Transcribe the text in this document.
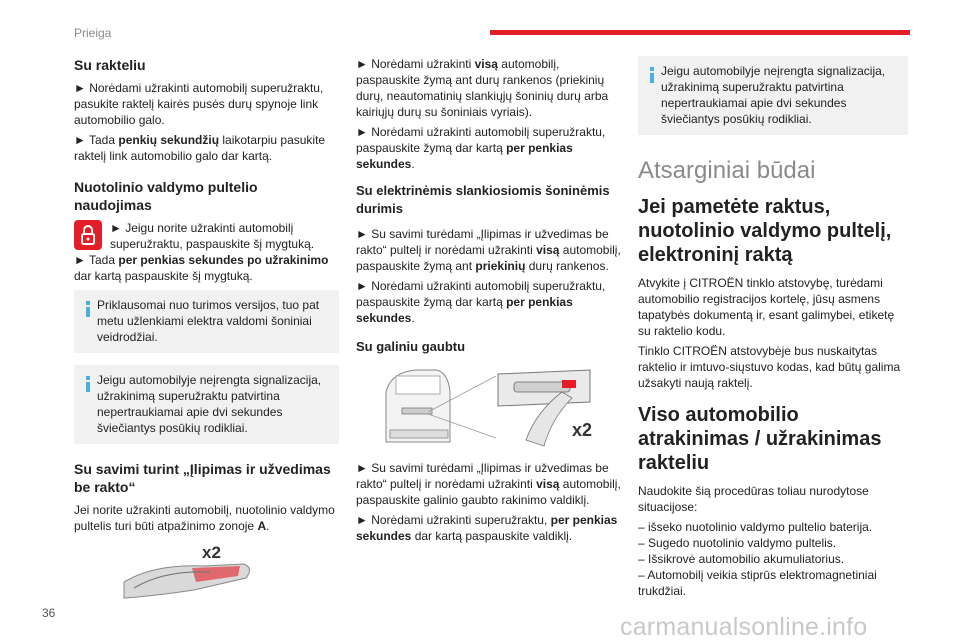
Prieiga
Su rakteliu

► Norėdami užrakinti automobilį superužraktu, pasukite raktelį kairės pusės durų spynoje link automobilio galo.

► Tada penkių sekundžių laikotarpiu pasukite raktelį link automobilio galo dar kartą.

Nuotolinio valdymo pultelio naudojimas
► Jeigu norite užrakinti automobilį superužraktu, paspauskite šį mygtuką.

► Tada per penkias sekundes po užrakinimo dar kartą paspauskite šį mygtuką.

Priklausomai nuo turimos versijos, tuo pat metu užlenkiami elektra valdomi šoniniai veidrodžiai.
Jeigu automobilyje neįrengta signalizacija, užrakinimą superužraktu patvirtina nepertraukiamai apie dvi sekundes šviečiantys posūkių rodikliai.
Su savimi turint „Įlipimas ir užvedimas be rakto“

Jei norite užrakinti automobilį, nuotolinio valdymo pultelis turi būti atpažinimo zonoje A.

x2

► Norėdami užrakinti visą automobilį, paspauskite žymą ant durų rankenos (priekinių durų, neautomatinių slankiųjų šoninių durų arba kairiųjų durų su šoniniais vyriais).

► Norėdami užrakinti automobilį superužraktu, paspauskite žymą dar kartą per penkias sekundes.

Su elektrinėmis slankiosiomis šoninėmis durimis

► Su savimi turėdami „Įlipimas ir užvedimas be rakto“ pultelį ir norėdami užrakinti visą automobilį, paspauskite žymą ant priekinių durų rankenos.

► Norėdami užrakinti automobilį superužraktu, paspauskite žymą dar kartą per penkias sekundes.

Su galiniu gaubtu
x2

► Su savimi turėdami „Įlipimas ir užvedimas be rakto“ pultelį ir norėdami užrakinti visą automobilį, paspauskite galinio gaubto rakinimo valdiklį.

► Norėdami užrakinti superužraktu, per penkias sekundes dar kartą paspauskite valdiklį.

Jeigu automobilyje neįrengta signalizacija, užrakinimą superužraktu patvirtina nepertraukiamai apie dvi sekundes šviečiantys posūkių rodikliai.
Atsarginiai būdai
Jei pametėte raktus, nuotolinio valdymo pultelį, elektroninį raktą

Atvykite į CITROËN tinklo atstovybę, turėdami automobilio registracijos kortelę, jūsų asmens tapatybės dokumentą ir, esant galimybei, etiketę su raktelio kodu.

Tinklo CITROËN atstovybėje bus nuskaitytas raktelio ir imtuvo-siųstuvo kodas, kad būtų galima užsakyti naują raktelį.

Viso automobilio atrakinimas / užrakinimas rakteliu

Naudokite šią procedūras toliau nurodytose situacijose:

– išseko nuotolinio valdymo pultelio baterija.
– Sugedo nuotolinio valdymo pultelis.
– Išsikrovė automobilio akumuliatorius.
– Automobilį veikia stiprūs elektromagnetiniai trukdžiai.
36	carmanualsonline.info
